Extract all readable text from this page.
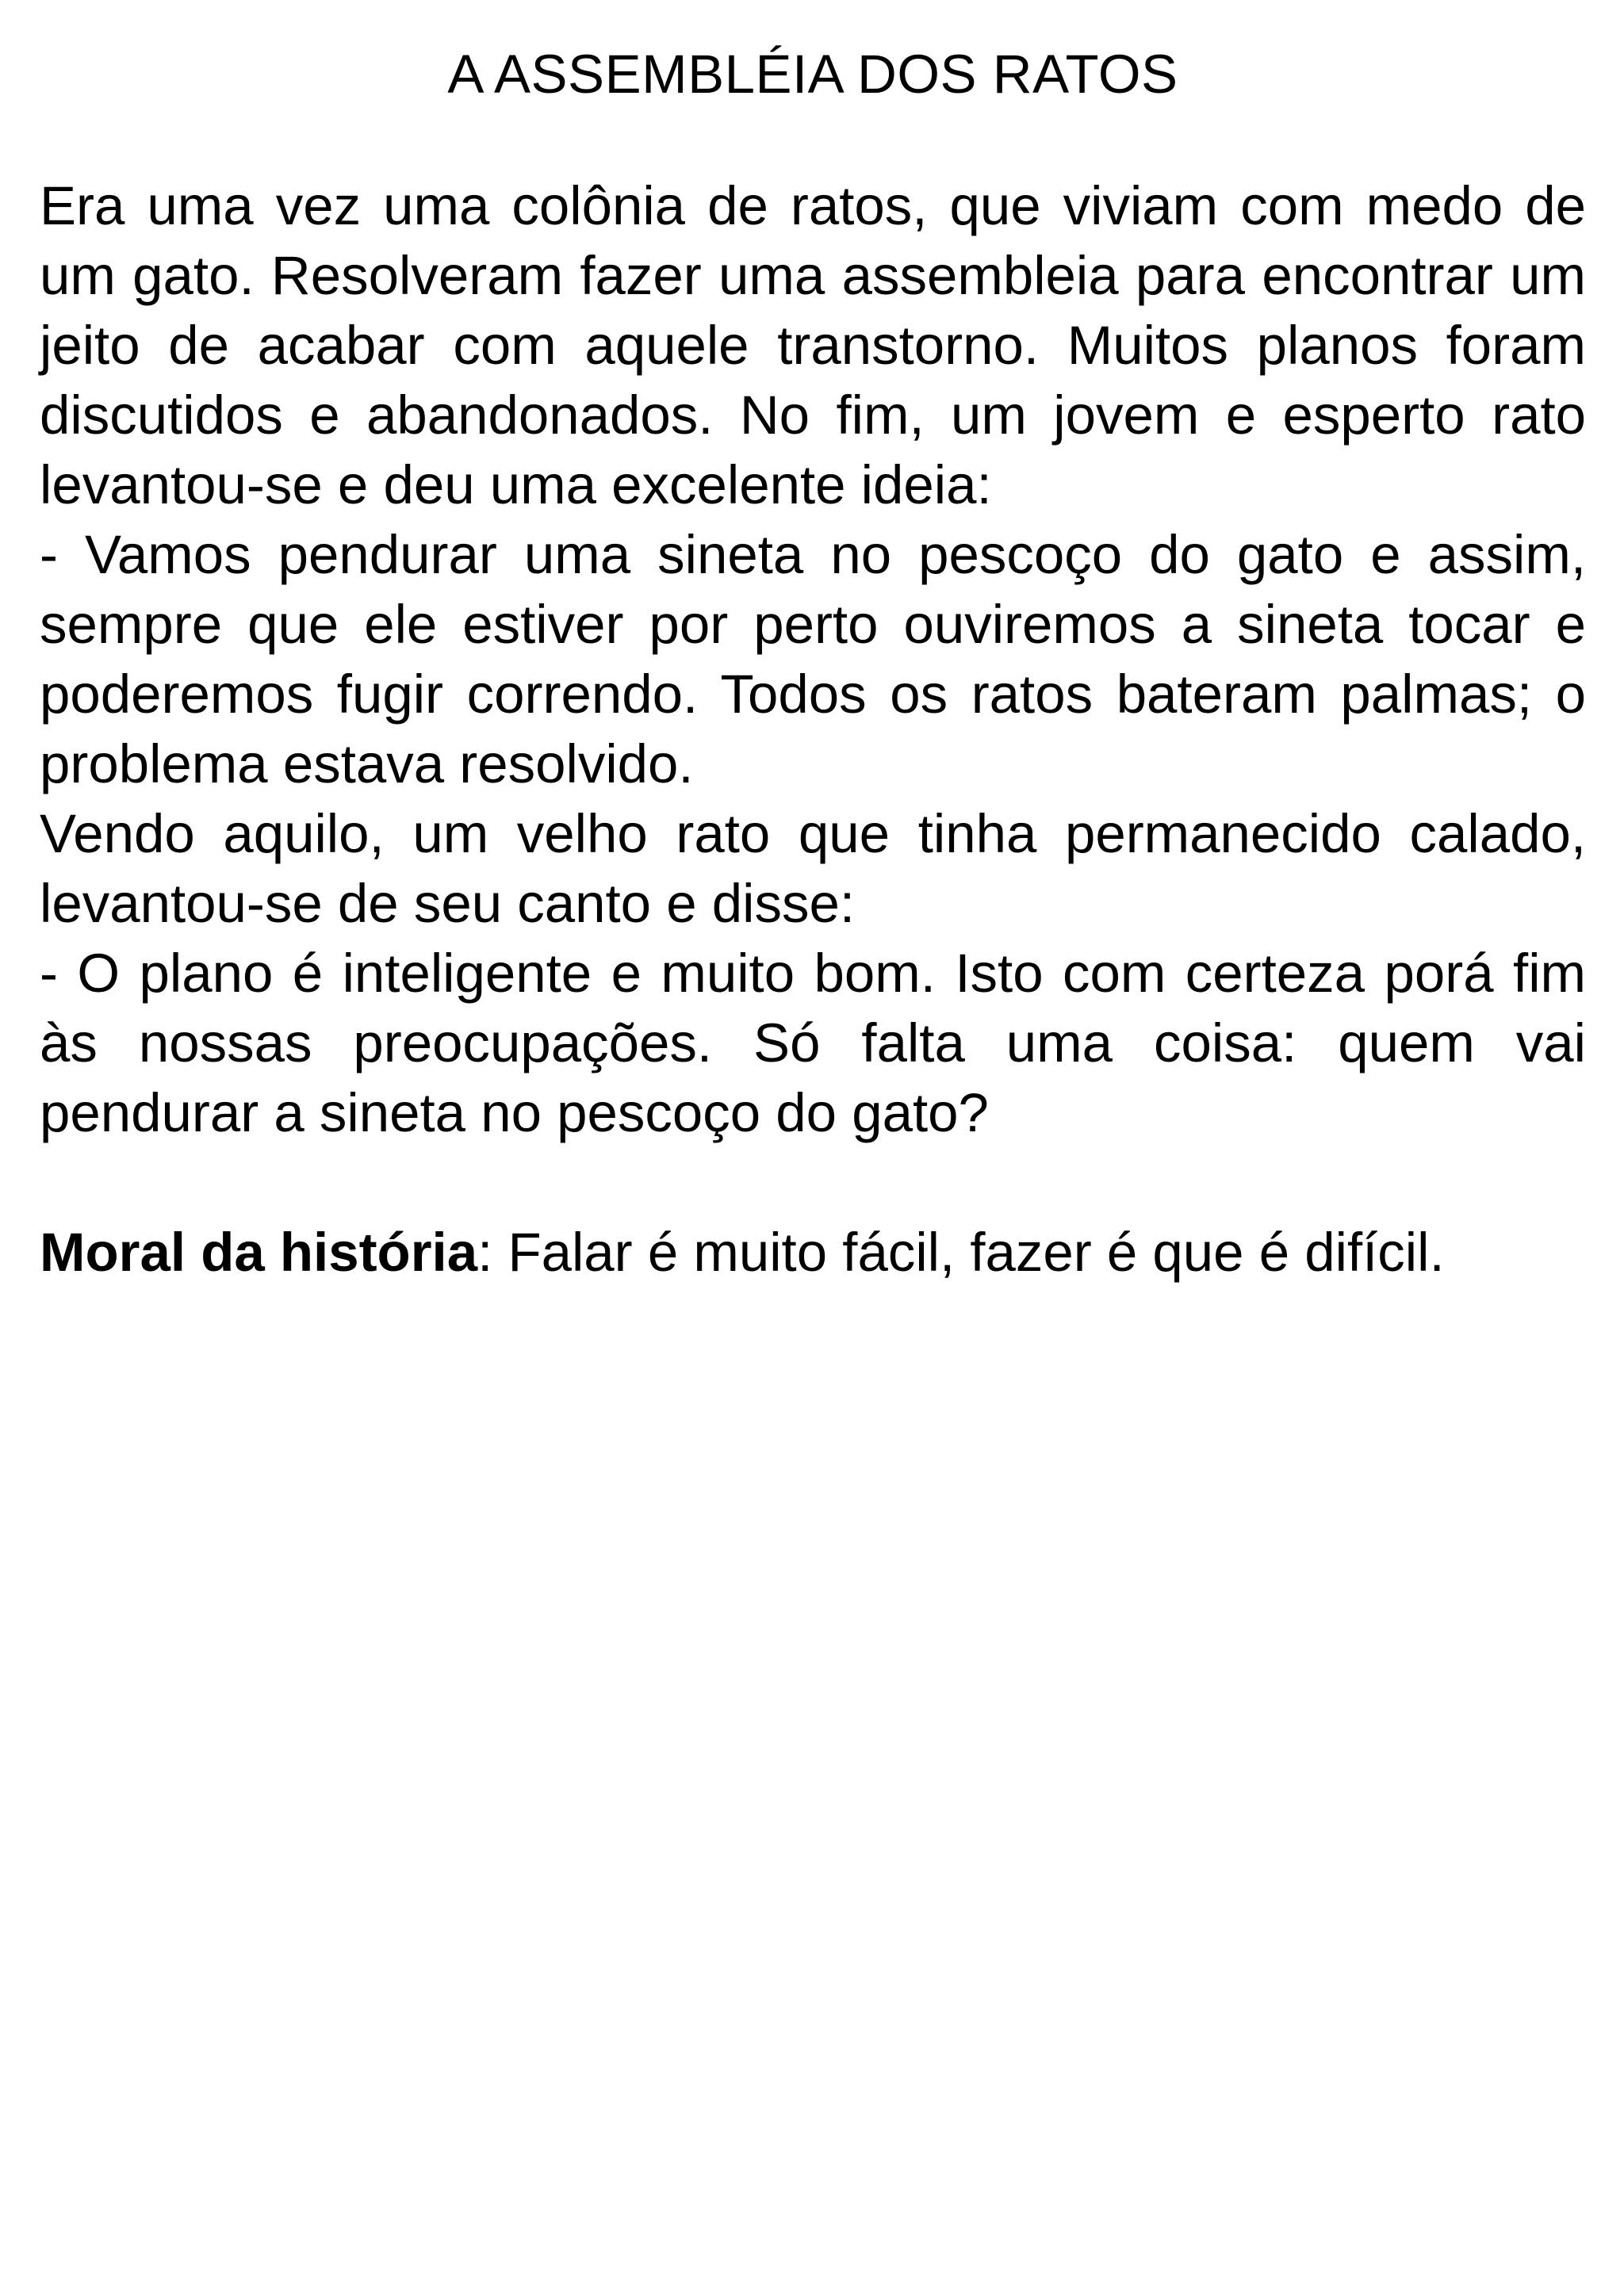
A ASSEMBLÉIA DOS RATOS

Era uma vez uma colônia de ratos, que viviam com medo de um gato. Resolveram fazer uma assembleia para encontrar um jeito de acabar com aquele transtorno. Muitos planos foram discutidos e abandonados. No fim, um jovem e esperto rato levantou-se e deu uma excelente ideia:

- Vamos pendurar uma sineta no pescoço do gato e assim, sempre que ele estiver por perto ouviremos a sineta tocar e poderemos fugir correndo. Todos os ratos bateram palmas; o problema estava resolvido.

Vendo aquilo, um velho rato que tinha permanecido calado, levantou-se de seu canto e disse:

- O plano é inteligente e muito bom. Isto com certeza porá fim às nossas preocupações. Só falta uma coisa: quem vai pendurar a sineta no pescoço do gato?

Moral da história: Falar é muito fácil, fazer é que é difícil.
